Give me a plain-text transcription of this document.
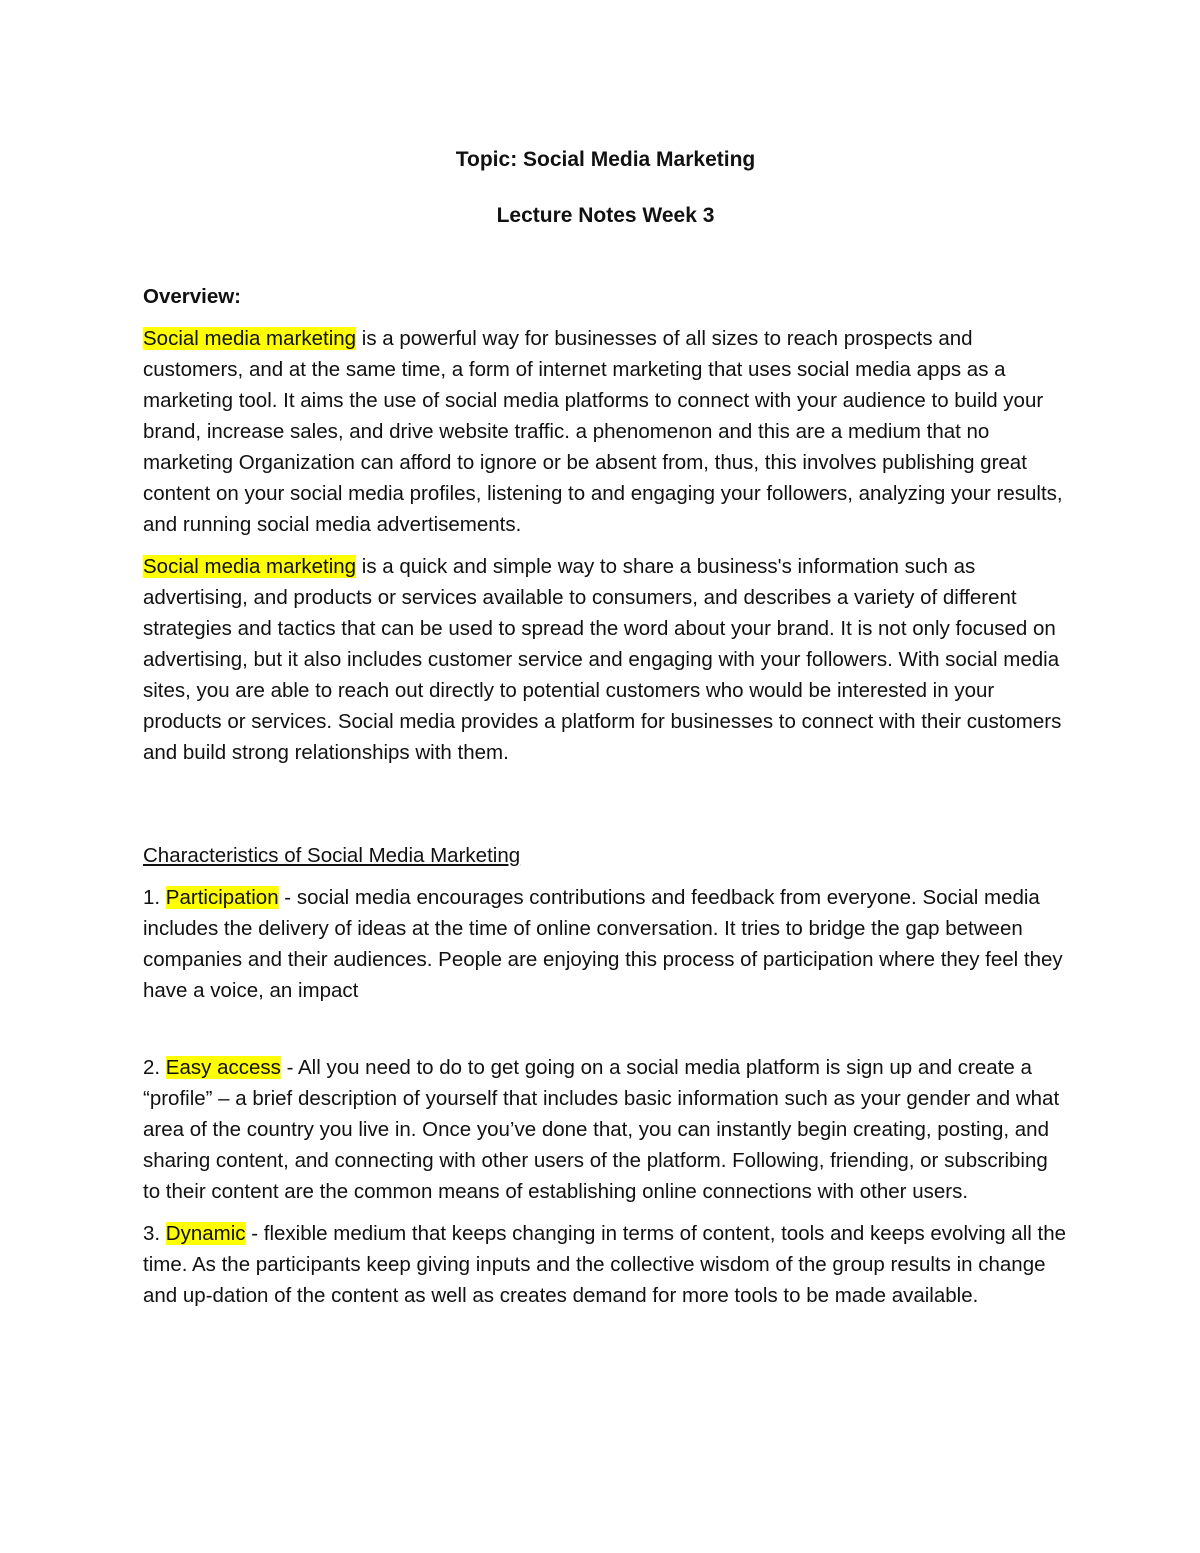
Topic: Social Media Marketing
Lecture Notes Week 3
Overview:

Social media marketing is a powerful way for businesses of all sizes to reach prospects and customers, and at the same time, a form of internet marketing that uses social media apps as a marketing tool. It aims the use of social media platforms to connect with your audience to build your brand, increase sales, and drive website traffic. a phenomenon and this are a medium that no marketing Organization can afford to ignore or be absent from, thus, this involves publishing great content on your social media profiles, listening to and engaging your followers, analyzing your results, and running social media advertisements.

Social media marketing is a quick and simple way to share a business's information such as advertising, and products or services available to consumers, and describes a variety of different strategies and tactics that can be used to spread the word about your brand. It is not only focused on advertising, but it also includes customer service and engaging with your followers. With social media sites, you are able to reach out directly to potential customers who would be interested in your products or services. Social media provides a platform for businesses to connect with their customers and build strong relationships with them.

Characteristics of Social Media Marketing

1. Participation - social media encourages contributions and feedback from everyone. Social media includes the delivery of ideas at the time of online conversation. It tries to bridge the gap between companies and their audiences. People are enjoying this process of participation where they feel they have a voice, an impact

2. Easy access - All you need to do to get going on a social media platform is sign up and create a “profile” – a brief description of yourself that includes basic information such as your gender and what area of the country you live in. Once you’ve done that, you can instantly begin creating, posting, and sharing content, and connecting with other users of the platform. Following, friending, or subscribing to their content are the common means of establishing online connections with other users.

3. Dynamic - flexible medium that keeps changing in terms of content, tools and keeps evolving all the time. As the participants keep giving inputs and the collective wisdom of the group results in change and up-dation of the content as well as creates demand for more tools to be made available.
